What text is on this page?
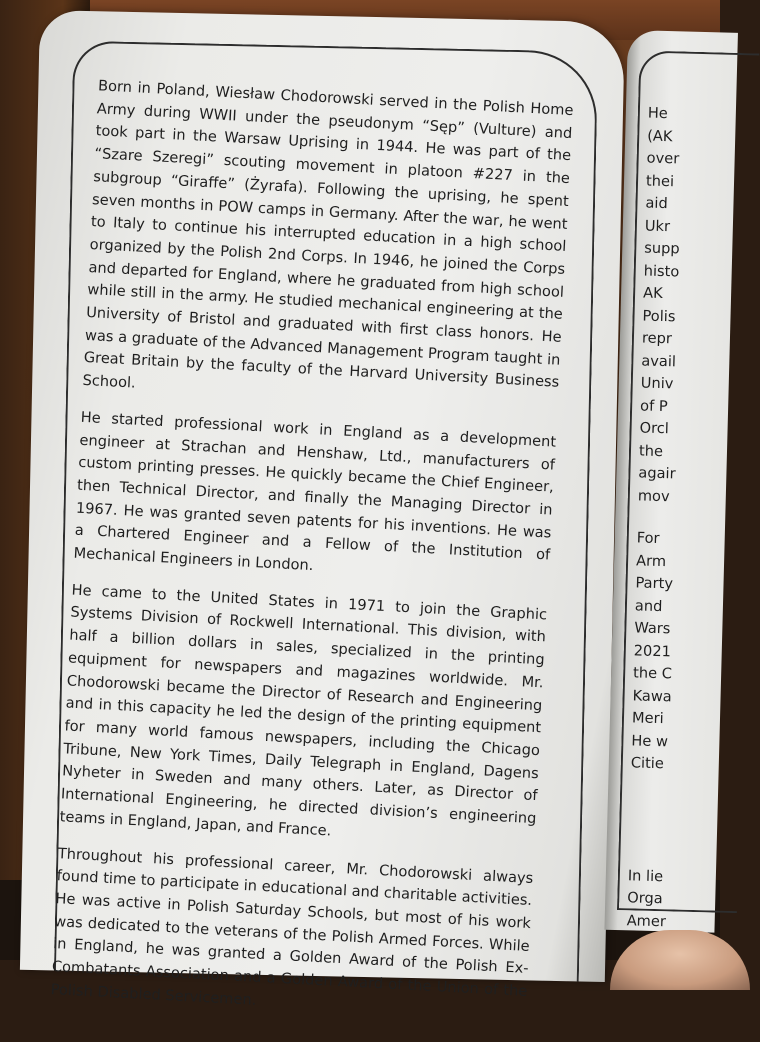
Born in Poland, Wiesław Chodorowski served in the Polish Home Army during WWII under the pseudonym “Sęp” (Vulture) and took part in the Warsaw Uprising in 1944. He was part of the “Szare Szeregi” scouting movement in platoon #227 in the subgroup “Giraffe” (Żyrafa). Following the uprising, he spent seven months in POW camps in Germany. After the war, he went to Italy to continue his interrupted education in a high school organized by the Polish 2nd Corps. In 1946, he joined the Corps and departed for England, where he graduated from high school while still in the army. He studied mechanical engineering at the University of Bristol and graduated with first class honors. He was a graduate of the Advanced Management Program taught in Great Britain by the faculty of the Harvard University Business School.

He started professional work in England as a development engineer at Strachan and Henshaw, Ltd., manufacturers of custom printing presses. He quickly became the Chief Engineer, then Technical Director, and finally the Managing Director in 1967. He was granted seven patents for his inventions. He was a Chartered Engineer and a Fellow of the Institution of Mechanical Engineers in London.

He came to the United States in 1971 to join the Graphic Systems Division of Rockwell International. This division, with half a billion dollars in sales, specialized in the printing equipment for newspapers and magazines worldwide. Mr. Chodorowski became the Director of Research and Engineering and in this capacity he led the design of the printing equipment for many world famous newspapers, including the Chicago Tribune, New York Times, Daily Telegraph in England, Dagens Nyheter in Sweden and many others. Later, as Director of International Engineering, he directed division’s engineering teams in England, Japan, and France.

Throughout his professional career, Mr. Chodorowski always found time to participate in educational and charitable activities. He was active in Polish Saturday Schools, but most of his work was dedicated to the veterans of the Polish Armed Forces. While in England, he was granted a Golden Award of the Polish Ex-Combatants Association and a Golden Award of the Union of the Polish Disabled Servicemen.

He
(AK
over
thei
aid
Ukr
supp
histo
AK
Polis
repr
avail
Univ
of P
Orcl
the
agair
mov
For
Arm
Party
and
Wars
2021
the C
Kawa
Meri
He w
Citie
In lie
Orga
Amer
